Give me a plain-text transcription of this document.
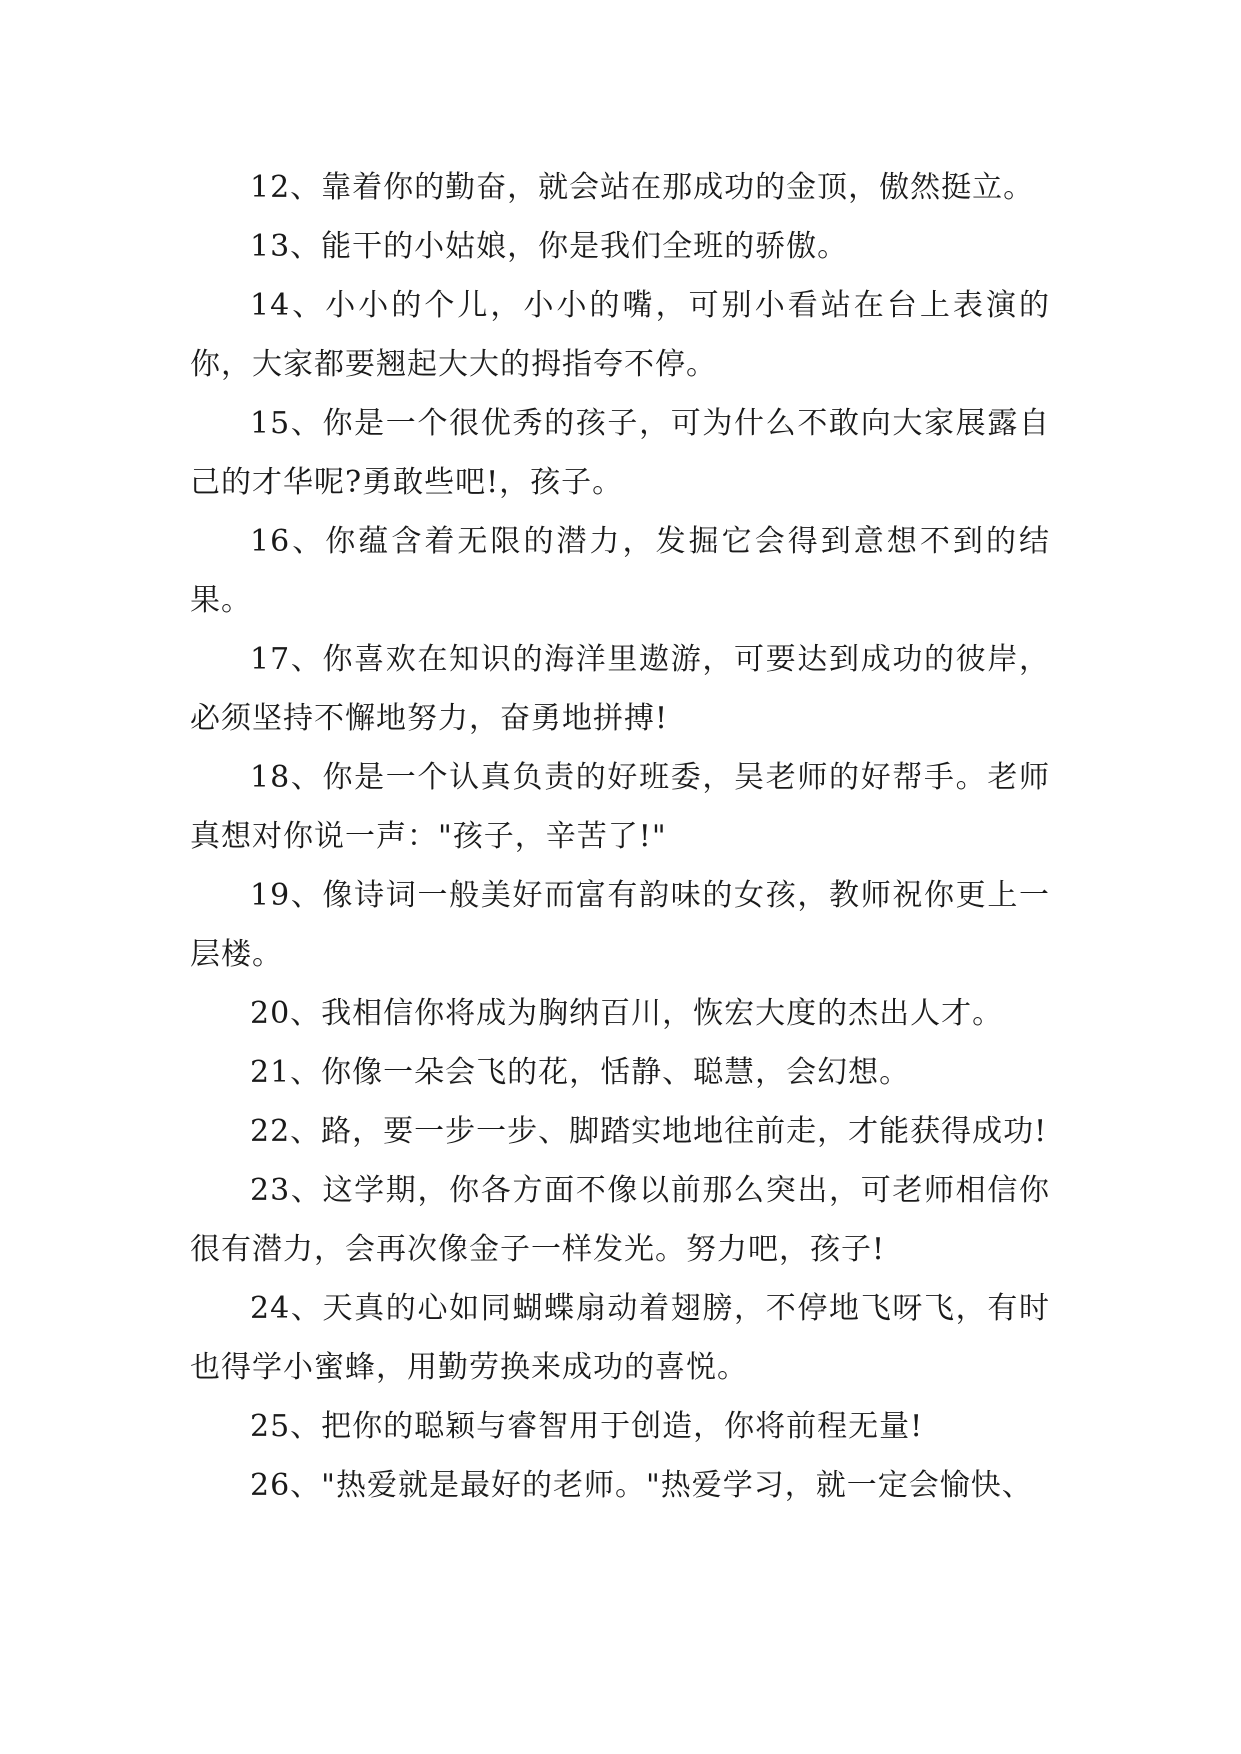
12、靠着你的勤奋，就会站在那成功的金顶，傲然挺立。

13、能干的小姑娘，你是我们全班的骄傲。

14、小小的个儿，小小的嘴，可别小看站在台上表演的你，大家都要翘起大大的拇指夸不停。

15、你是一个很优秀的孩子，可为什么不敢向大家展露自己的才华呢?勇敢些吧!，孩子。

16、你蕴含着无限的潜力，发掘它会得到意想不到的结果。

17、你喜欢在知识的海洋里遨游，可要达到成功的彼岸，必须坚持不懈地努力，奋勇地拼搏!

18、你是一个认真负责的好班委，吴老师的好帮手。老师真想对你说一声："孩子，辛苦了!"

19、像诗词一般美好而富有韵味的女孩，教师祝你更上一层楼。

20、我相信你将成为胸纳百川，恢宏大度的杰出人才。

21、你像一朵会飞的花，恬静、聪慧，会幻想。

22、路，要一步一步、脚踏实地地往前走，才能获得成功!

23、这学期，你各方面不像以前那么突出，可老师相信你很有潜力，会再次像金子一样发光。努力吧，孩子!

24、天真的心如同蝴蝶扇动着翅膀，不停地飞呀飞，有时也得学小蜜蜂，用勤劳换来成功的喜悦。

25、把你的聪颖与睿智用于创造，你将前程无量!

26、"热爱就是最好的老师。"热爱学习，就一定会愉快、
